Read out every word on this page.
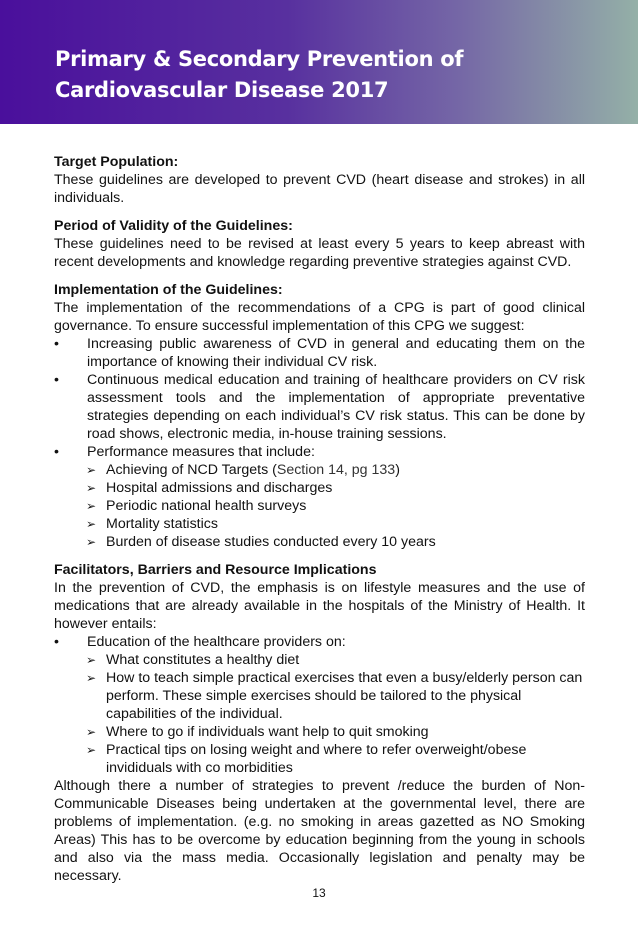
Primary & Secondary Prevention of Cardiovascular Disease 2017
Target Population:

These guidelines are developed to prevent CVD (heart disease and strokes) in all individuals.

Period of Validity of the Guidelines:

These guidelines need to be revised at least every 5 years to keep abreast with recent developments and knowledge regarding preventive strategies against CVD.

Implementation of the Guidelines:

The implementation of the recommendations of a CPG is part of good clinical governance. To ensure successful implementation of this CPG we suggest:

• Increasing public awareness of CVD in general and educating them on the importance of knowing their individual CV risk.
• Continuous medical education and training of healthcare providers on CV risk assessment tools and the implementation of appropriate preventative strategies depending on each individual’s CV risk status. This can be done by road shows, electronic media, in-house training sessions.
• Performance measures that include:
➢ Achieving of NCD Targets (Section 14, pg 133)
➢ Hospital admissions and discharges
➢ Periodic national health surveys
➢ Mortality statistics
➢ Burden of disease studies conducted every 10 years
Facilitators, Barriers and Resource Implications

In the prevention of CVD, the emphasis is on lifestyle measures and the use of medications that are already available in the hospitals of the Ministry of Health. It however entails:

• Education of the healthcare providers on:
➢ What constitutes a healthy diet
➢ How to teach simple practical exercises that even a busy/elderly person can perform. These simple exercises should be tailored to the physical capabilities of the individual.
➢ Where to go if individuals want help to quit smoking
➢ Practical tips on losing weight and where to refer overweight/obese invididuals with co morbidities

Although there a number of strategies to prevent /reduce the burden of Non-Communicable Diseases being undertaken at the governmental level, there are problems of implementation. (e.g. no smoking in areas gazetted as NO Smoking Areas) This has to be overcome by education beginning from the young in schools and also via the mass media. Occasionally legislation and penalty may be necessary.

13
